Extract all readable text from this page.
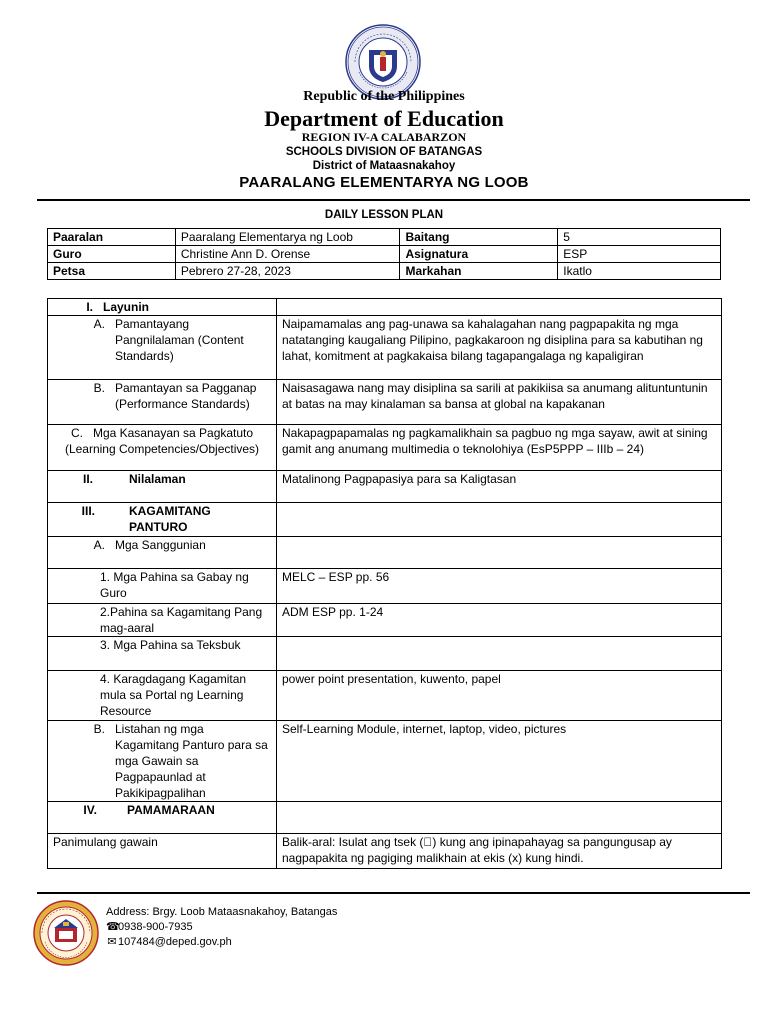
Republic of the Philippines
Department of Education
REGION IV-A CALABARZON
SCHOOLS DIVISION OF BATANGAS
District of Mataasnakahoy
PAARALANG ELEMENTARYA NG LOOB
DAILY LESSON PLAN
Paaralan	Paaralang Elementarya ng Loob	Baitang	5
Guro	Christine Ann D. Orense	Asignatura	ESP
Petsa	Pebrero 27-28, 2023	Markahan	Ikatlo
I. Layunin	

A. Pamantayang Pangnilalaman (Content Standards)	Naipamamalas ang pag-unawa sa kahalagahan nang pagpapakita ng mga natatanging kaugaliang Pilipino, pagkakaroon ng disiplina para sa kabutihan ng lahat, komitment at pagkakaisa bilang tagapangalaga ng kapaligiran

B. Pamantayan sa Pagganap (Performance Standards)	Naisasagawa nang may disiplina sa sarili at pakikiisa sa anumang alituntuntunin at batas na may kinalaman sa bansa at global na kapakanan

C. Mga Kasanayan sa Pagkatuto
(Learning Competencies/Objectives)	Nakapagpapamalas ng pagkamalikhain sa pagbuo ng mga sayaw, awit at sining gamit ang anumang multimedia o teknolohiya (EsP5PPP – IIIb – 24)

II. Nilalaman	Matalinong Pagpapasiya para sa Kaligtasan

III. KAGAMITANG PANTURO	

A. Mga Sanggunian	

1. Mga Pahina sa Gabay ng Guro	MELC – ESP pp. 56

2.Pahina sa Kagamitang Pang mag-aaral	ADM ESP pp. 1-24

3. Mga Pahina sa Teksbuk	

4. Karagdagang Kagamitan mula sa Portal ng Learning Resource	power point presentation, kuwento, papel

B. Listahan ng mga Kagamitang Panturo para sa mga Gawain sa Pagpapaunlad at Pakikipagpalihan	Self-Learning Module, internet, laptop, video, pictures

IV. PAMAMARAAN	

Panimulang gawain	Balik-aral: Isulat ang tsek (⃓) kung ang ipinapahayag sa pangungusap ay nagpapakita ng pagiging malikhain at ekis (x) kung hindi.
Address: Brgy. Loob Mataasnakahoy, Batangas
☎0938-900-7935
✉107484@deped.gov.ph
